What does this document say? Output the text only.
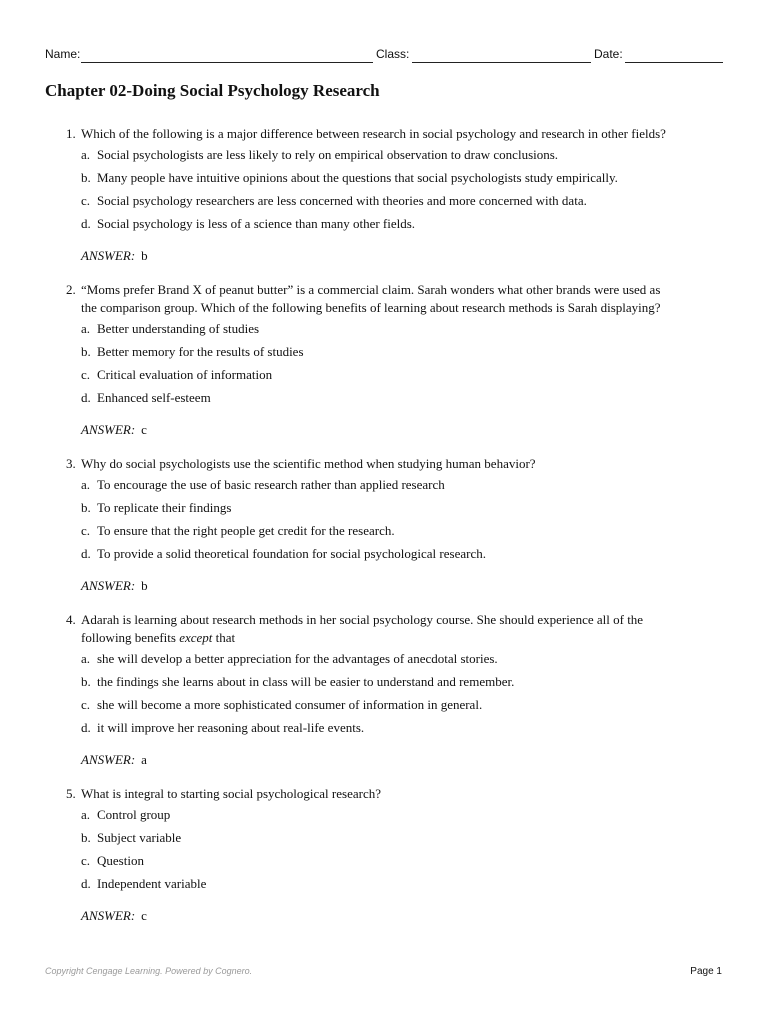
Name:	Class:	Date:
Chapter 02-Doing Social Psychology Research
1. Which of the following is a major difference between research in social psychology and research in other fields?
a. Social psychologists are less likely to rely on empirical observation to draw conclusions.
b. Many people have intuitive opinions about the questions that social psychologists study empirically.
c. Social psychology researchers are less concerned with theories and more concerned with data.
d. Social psychology is less of a science than many other fields.
ANSWER: b
2. “Moms prefer Brand X of peanut butter” is a commercial claim. Sarah wonders what other brands were used as
the comparison group. Which of the following benefits of learning about research methods is Sarah displaying?
a. Better understanding of studies
b. Better memory for the results of studies
c. Critical evaluation of information
d. Enhanced self-esteem
ANSWER: c
3. Why do social psychologists use the scientific method when studying human behavior?
a. To encourage the use of basic research rather than applied research
b. To replicate their findings
c. To ensure that the right people get credit for the research.
d. To provide a solid theoretical foundation for social psychological research.
ANSWER: b
4. Adarah is learning about research methods in her social psychology course. She should experience all of the
following benefits except that
a. she will develop a better appreciation for the advantages of anecdotal stories.
b. the findings she learns about in class will be easier to understand and remember.
c. she will become a more sophisticated consumer of information in general.
d. it will improve her reasoning about real-life events.
ANSWER: a
5. What is integral to starting social psychological research?
a. Control group
b. Subject variable
c. Question
d. Independent variable
ANSWER: c
Copyright Cengage Learning. Powered by Cognero.	Page 1
